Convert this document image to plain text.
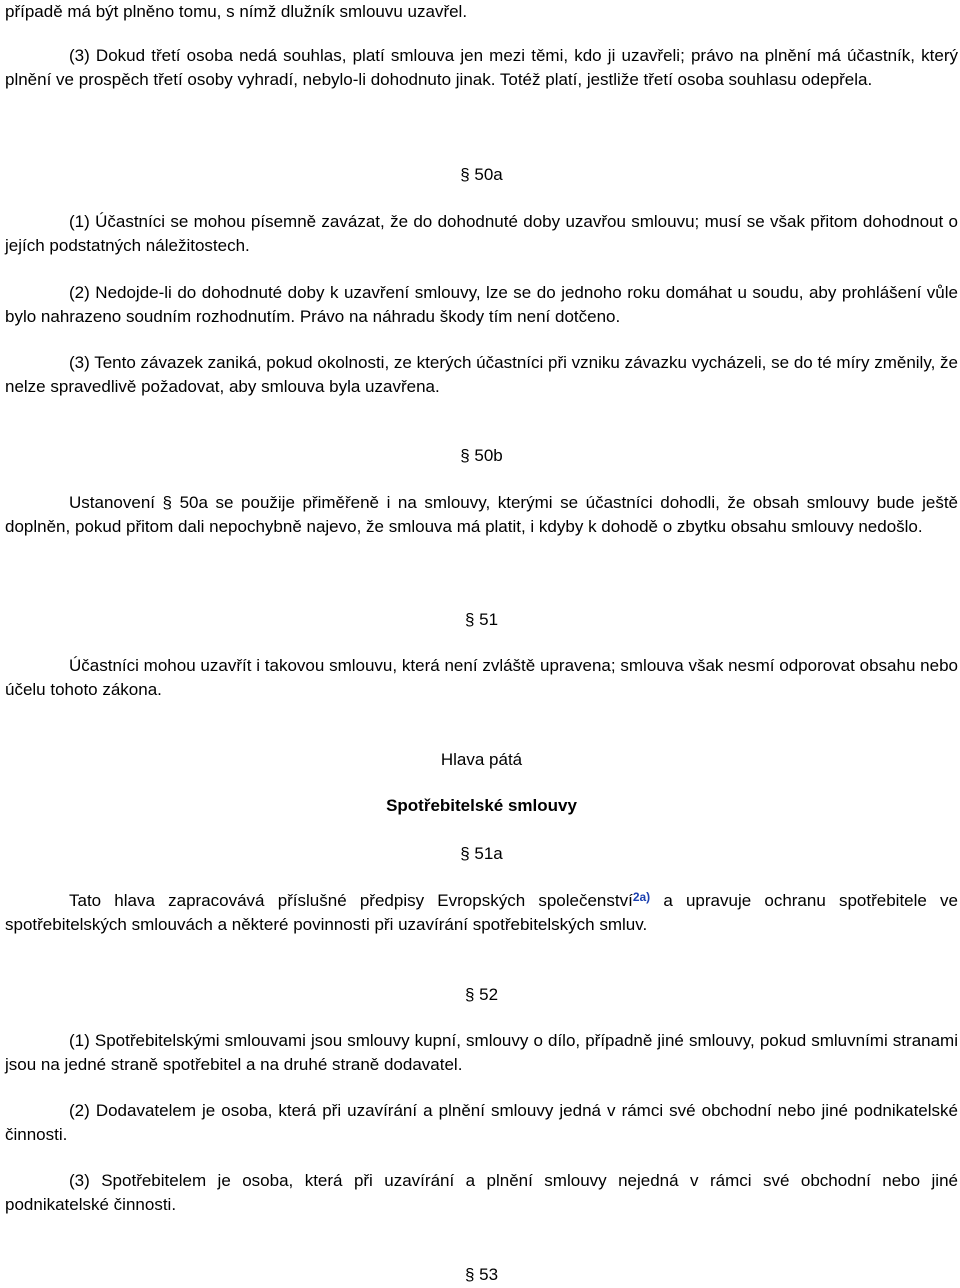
případě má být plněno tomu, s nímž dlužník smlouvu uzavřel.

(3) Dokud třetí osoba nedá souhlas, platí smlouva jen mezi těmi, kdo ji uzavřeli; právo na plnění má účastník, který plnění ve prospěch třetí osoby vyhradí, nebylo-li dohodnuto jinak. Totéž platí, jestliže třetí osoba souhlasu odepřela.

§ 50a

(1) Účastníci se mohou písemně zavázat, že do dohodnuté doby uzavřou smlouvu; musí se však přitom dohodnout o jejích podstatných náležitostech.

(2) Nedojde-li do dohodnuté doby k uzavření smlouvy, lze se do jednoho roku domáhat u soudu, aby prohlášení vůle bylo nahrazeno soudním rozhodnutím. Právo na náhradu škody tím není dotčeno.

(3) Tento závazek zaniká, pokud okolnosti, ze kterých účastníci při vzniku závazku vycházeli, se do té míry změnily, že nelze spravedlivě požadovat, aby smlouva byla uzavřena.

§ 50b

Ustanovení § 50a se použije přiměřeně i na smlouvy, kterými se účastníci dohodli, že obsah smlouvy bude ještě doplněn, pokud přitom dali nepochybně najevo, že smlouva má platit, i kdyby k dohodě o zbytku obsahu smlouvy nedošlo.

§ 51

Účastníci mohou uzavřít i takovou smlouvu, která není zvláště upravena; smlouva však nesmí odporovat obsahu nebo účelu tohoto zákona.

Hlava pátá

Spotřebitelské smlouvy

§ 51a

Tato hlava zapracovává příslušné předpisy Evropských společenství$^{2a)}$ a upravuje ochranu spotřebitele ve spotřebitelských smlouvách a některé povinnosti při uzavírání spotřebitelských smluv.

§ 52

(1) Spotřebitelskými smlouvami jsou smlouvy kupní, smlouvy o dílo, případně jiné smlouvy, pokud smluvními stranami jsou na jedné straně spotřebitel a na druhé straně dodavatel.

(2) Dodavatelem je osoba, která při uzavírání a plnění smlouvy jedná v rámci své obchodní nebo jiné podnikatelské činnosti.

(3) Spotřebitelem je osoba, která při uzavírání a plnění smlouvy nejedná v rámci své obchodní nebo jiné podnikatelské činnosti.

§ 53
